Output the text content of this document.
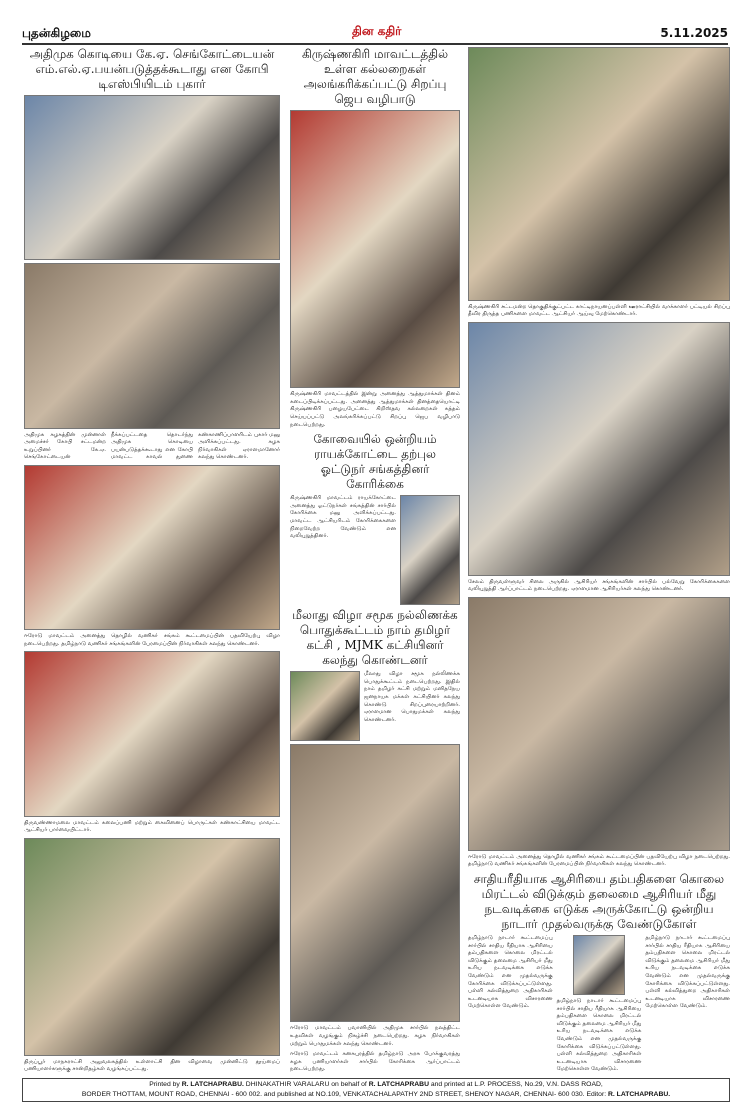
புதன்கிழமை	தின கதிர்	5.11.2025
அதிமுக கொடியை கே.ஏ. செங்கோட்டையன் எம்.எல்.ஏ.பயன்படுத்தக்கூடாது என கோபி டிஎஸ்பியிடம் புகார்
அதிமுக கழகத்தின் முன்னாள் அமைச்சர் கோபி சட்டமன்ற உறுப்பினர் கே.ஏ. செங்கோட்டையன் நீக்கப்பட்டதை தொடர்ந்து அதிமுக கொடியை பயன்படுத்தக்கூடாது என கோபி மாவட்ட காவல் துணை கண்காணிப்பாளரிடம் புகார் மனு அளிக்கப்பட்டது. கழக நிர்வாகிகள் ஏராளமானோர் கலந்து கொண்டனர்.
ஈரோடு மாவட்டம் அனைத்து தொழில் வணிகர் சங்கம் கூட்டமைப்பின் பதவியேற்பு விழா நடைபெற்றது. தமிழ்நாடு வணிகர் சங்கங்களின் பேரமைப்பின் நிர்வாகிகள் கலந்து கொண்டனர்.
திருவண்ணாமலை மாவட்டம் கலைப்பணி மற்றும் கைவினைப் பொருட்கள் கண்காட்சியை மாவட்ட ஆட்சியர் பார்வையிட்டார்.
திருப்பூர் மாநகராட்சி அலுவலகத்தில் உள்ளாட்சி தின விழாவை முன்னிட்டு தூய்மைப் பணியாளர்களுக்கு சான்றிதழ்கள் வழங்கப்பட்டது.
கிருஷ்ணகிரி மாவட்டத்தில் உள்ள கல்லறைகள் அலங்கரிக்கப்பட்டு சிறப்பு ஜெப வழிபாடு
கிருஷ்ணகிரி மாவட்டத்தில் இன்று அனைத்து ஆத்துமாக்கள் தினம் கடைப்பிடிக்கப்பட்டது. அனைத்து ஆத்துமாக்கள் தினத்தையொட்டி கிருஷ்ணகிரி பழையபேட்டை கிறிஸ்தவ கல்லறைகள் சுத்தம் செய்யப்பட்டு அலங்கரிக்கப்பட்டு சிறப்பு ஜெப வழிபாடு நடைபெற்றது.
கோவையில் ஒன்றியம் ராயக்கோட்டை தற்புல ஓட்டுநர் சங்கத்தினர் கோரிக்கை
கிருஷ்ணகிரி மாவட்டம் ராயக்கோட்டை அனைத்து ஓட்டுநர்கள் சங்கத்தின் சார்பில் கோரிக்கை மனு அளிக்கப்பட்டது. மாவட்ட ஆட்சியரிடம் கோரிக்கைகளை நிறைவேற்ற வேண்டும் என வலியுறுத்தினர்.
மீலாது விழா சமூக நல்லிணக்க பொதுக்கூட்டம் நாம் தமிழர் கட்சி , MJMK கட்சியினர் கலந்து கொண்டனர்
மீலாது விழா சமூக நல்லிணக்க பொதுக்கூட்டம் நடைபெற்றது. இதில் நாம் தமிழர் கட்சி மற்றும் மனிதநேய ஜனநாயக மக்கள் கட்சியினர் கலந்து கொண்டு சிறப்புரையாற்றினர். ஏராளமான பொதுமக்கள் கலந்து கொண்டனர்.
ஈரோடு மாவட்டம் பவானியில் அதிமுக சார்பில் நலத்திட்ட உதவிகள் வழங்கும் நிகழ்ச்சி நடைபெற்றது. கழக நிர்வாகிகள் மற்றும் பொதுமக்கள் கலந்து கொண்டனர்.
ஈரோடு மாவட்டம் கனகபுரத்தில் தமிழ்நாடு அரசு போக்குவரத்து கழக பணியாளர்கள் சார்பில் கோரிக்கை ஆர்ப்பாட்டம் நடைபெற்றது.
கிருஷ்ணகிரி சட்டமன்ற தொகுதிக்குட்பட்ட காட்டிநாயனப்பள்ளி ஊராட்சியில் வாக்காளர் பட்டியல் சிறப்பு தீவிர திருத்த பணிகளை மாவட்ட ஆட்சியர் ஆய்வு மேற்கொண்டார்.
சேலம் திருவள்ளுவர் சிலை அருகில் ஆசிரியர் சங்கங்களின் சார்பில் பல்வேறு கோரிக்கைகளை வலியுறுத்தி ஆர்ப்பாட்டம் நடைபெற்றது. ஏராளமான ஆசிரியர்கள் கலந்து கொண்டனர்.
ஈரோடு மாவட்டம் அனைத்து தொழில் வணிகர் சங்கம் கூட்டமைப்பின் பதவியேற்பு விழா நடைபெற்றது. தமிழ்நாடு வணிகர் சங்கங்களின் பேரமைப்பின் நிர்வாகிகள் கலந்து கொண்டனர்.
சாதியரீதியாக ஆசிரியை தம்பதிகளை கொலை மிரட்டல் விடுக்கும் தலைமை ஆசிரியர் மீது நடவடிக்கை எடுக்க அருக்கோட்டு ஒன்றிய நாடார் முதல்வருக்கு வேண்டுகோள்
தமிழ்நாடு நாடார் கூட்டமைப்பு சார்பில் சாதிய ரீதியாக ஆசிரியை தம்பதிகளை கொலை மிரட்டல் விடுக்கும் தலைமை ஆசிரியர் மீது உரிய நடவடிக்கை எடுக்க வேண்டும் என முதல்வருக்கு கோரிக்கை விடுக்கப்பட்டுள்ளது. பள்ளி கல்வித்துறை அதிகாரிகள் உடனடியாக விசாரணை மேற்கொள்ள வேண்டும்.
தமிழ்நாடு நாடார் கூட்டமைப்பு சார்பில் சாதிய ரீதியாக ஆசிரியை தம்பதிகளை கொலை மிரட்டல் விடுக்கும் தலைமை ஆசிரியர் மீது உரிய நடவடிக்கை எடுக்க வேண்டும் என முதல்வருக்கு கோரிக்கை விடுக்கப்பட்டுள்ளது. பள்ளி கல்வித்துறை அதிகாரிகள் உடனடியாக விசாரணை மேற்கொள்ள வேண்டும்.
தமிழ்நாடு நாடார் கூட்டமைப்பு சார்பில் சாதிய ரீதியாக ஆசிரியை தம்பதிகளை கொலை மிரட்டல் விடுக்கும் தலைமை ஆசிரியர் மீது உரிய நடவடிக்கை எடுக்க வேண்டும் என முதல்வருக்கு கோரிக்கை விடுக்கப்பட்டுள்ளது. பள்ளி கல்வித்துறை அதிகாரிகள் உடனடியாக விசாரணை மேற்கொள்ள வேண்டும்.
Printed by R. LATCHAPRABU. DHINAKATHIR VARALARU on behalf of R. LATCHAPRABU and printed at L.P. PROCESS, No.29, V.N. DASS ROAD,
BORDER THOTTAM, MOUNT ROAD, CHENNAI - 600 002. and published at NO.109, VENKATACHALAPATHY 2ND STREET, SHENOY NAGAR, CHENNAI- 600 030. Editor: R. LATCHAPRABU.
